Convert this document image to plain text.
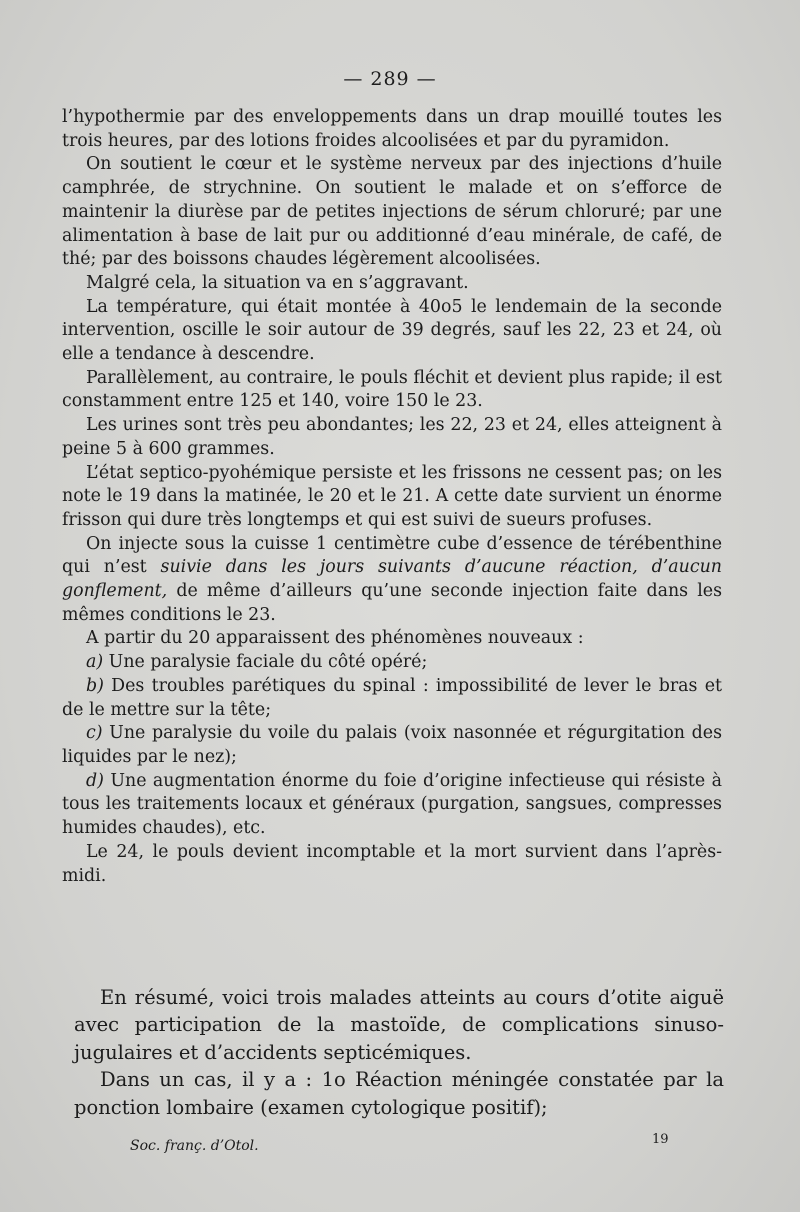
— 289 —

l’hypothermie par des enveloppements dans un drap mouillé toutes les trois heures, par des lotions froides alcoolisées et par du pyramidon.

On soutient le cœur et le système nerveux par des injections d’huile camphrée, de strychnine. On soutient le malade et on s’efforce de maintenir la diurèse par de petites injections de sérum chloruré; par une alimentation à base de lait pur ou additionné d’eau minérale, de café, de thé; par des boissons chaudes légèrement alcoolisées.

Malgré cela, la situation va en s’aggravant.

La température, qui était montée à 40o5 le lendemain de la seconde intervention, oscille le soir autour de 39 degrés, sauf les 22, 23 et 24, où elle a tendance à descendre.

Parallèlement, au contraire, le pouls fléchit et devient plus rapide; il est constamment entre 125 et 140, voire 150 le 23.

Les urines sont très peu abondantes; les 22, 23 et 24, elles atteignent à peine 5 à 600 grammes.

L’état septico-pyohémique persiste et les frissons ne cessent pas; on les note le 19 dans la matinée, le 20 et le 21. A cette date survient un énorme frisson qui dure très longtemps et qui est suivi de sueurs profuses.

On injecte sous la cuisse 1 centimètre cube d’essence de térébenthine qui n’est suivie dans les jours suivants d’aucune réaction, d’aucun gonflement, de même d’ailleurs qu’une seconde injection faite dans les mêmes conditions le 23.

A partir du 20 apparaissent des phénomènes nouveaux :

a) Une paralysie faciale du côté opéré;

b) Des troubles parétiques du spinal : impossibilité de lever le bras et de le mettre sur la tête;

c) Une paralysie du voile du palais (voix nasonnée et régurgitation des liquides par le nez);

d) Une augmentation énorme du foie d’origine infectieuse qui résiste à tous les traitements locaux et généraux (purgation, sangsues, compresses humides chaudes), etc.

Le 24, le pouls devient incomptable et la mort survient dans l’après-midi.

En résumé, voici trois malades atteints au cours d’otite aiguë avec participation de la mastoïde, de complications sinuso-jugulaires et d’accidents septicémiques.

Dans un cas, il y a : 1o Réaction méningée constatée par la ponction lombaire (examen cytologique positif);

Soc. franç. d’Otol.	19
